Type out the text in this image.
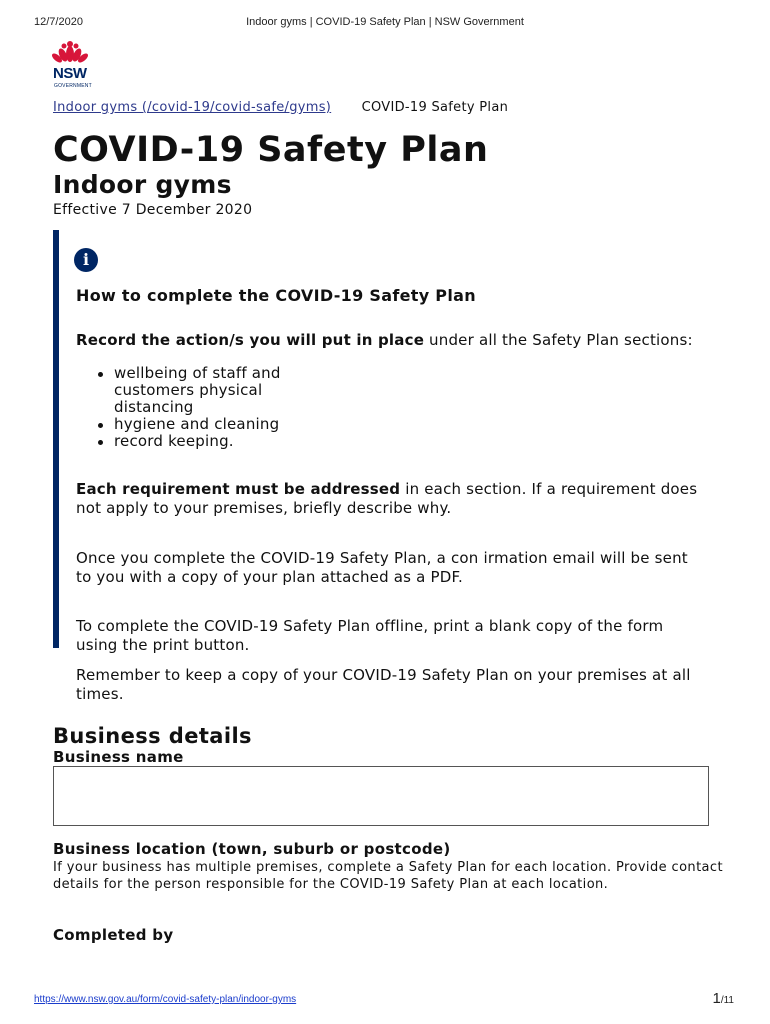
12/7/2020	Indoor gyms | COVID-19 Safety Plan | NSW Government
NSW
GOVERNMENT
Indoor gyms (/covid-19/covid-safe/gyms) COVID-19 Safety Plan
COVID-19 Safety Plan
Indoor gyms
Effective 7 December 2020
i
How to complete the COVID-19 Safety Plan

Record the action/s you will put in place under all the Safety Plan sections:

wellbeing of staff and customers physical distancing
hygiene and cleaning
record keeping.

Each requirement must be addressed in each section. If a requirement does not apply to your premises, briefly describe why.

Once you complete the COVID-19 Safety Plan, a con irmation email will be sent to you with a copy of your plan attached as a PDF.

To complete the COVID-19 Safety Plan offline, print a blank copy of the form using the print button.

Remember to keep a copy of your COVID-19 Safety Plan on your premises at all times.

Business details
Business name
Business location (town, suburb or postcode)

If your business has multiple premises, complete a Safety Plan for each location. Provide contact details for the person responsible for the COVID-19 Safety Plan at each location.

Completed by
https://www.nsw.gov.au/form/covid-safety-plan/indoor-gyms	1/11
